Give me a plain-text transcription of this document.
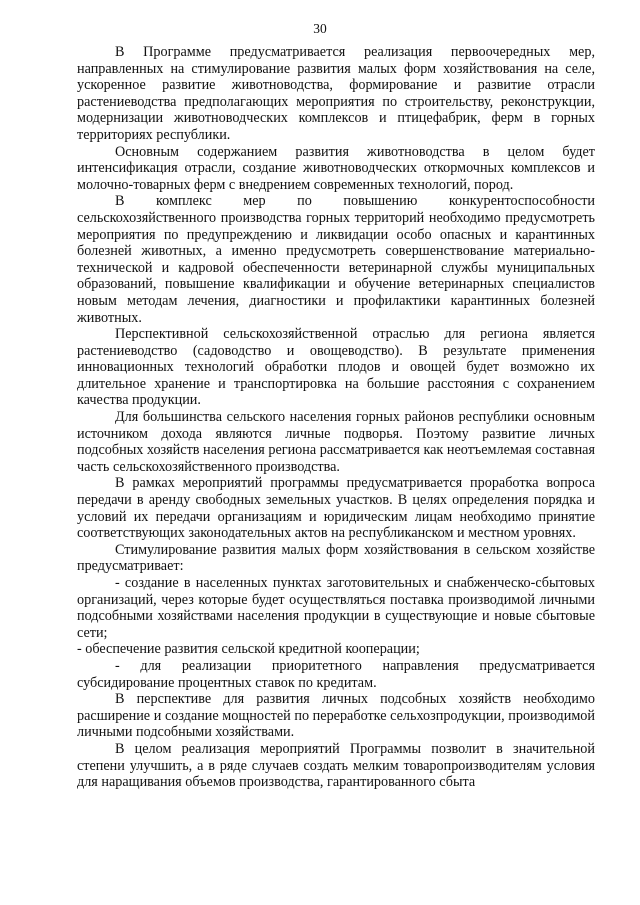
30

В Программе предусматривается реализация первоочередных мер, направленных на стимулирование развития малых форм хозяйствования на селе, ускоренное развитие животноводства, формирование и развитие отрасли растениеводства предполагающих мероприятия по строительству, реконструкции, модернизации животноводческих комплексов и птицефабрик, ферм в горных территориях республики.

Основным содержанием развития животноводства в целом будет интенсификация отрасли, создание животноводческих откормочных комплексов и молочно-товарных ферм с внедрением современных технологий, пород.

В комплекс мер по повышению конкурентоспособности сельскохозяйственного производства горных территорий необходимо предусмотреть мероприятия по предупреждению и ликвидации особо опасных и карантинных болезней животных, а именно предусмотреть совершенствование материально-технической и кадровой обеспеченности ветеринарной службы муниципальных образований, повышение квалификации и обучение ветеринарных специалистов новым методам лечения, диагностики и профилактики карантинных болезней животных.

Перспективной сельскохозяйственной отраслью для региона является растениеводство (садоводство и овощеводство). В результате применения инновационных технологий обработки плодов и овощей будет возможно их длительное хранение и транспортировка на большие расстояния с сохранением качества продукции.

Для большинства сельского населения горных районов республики основным источником дохода являются личные подворья. Поэтому развитие личных подсобных хозяйств населения региона рассматривается как неотъемлемая составная часть сельскохозяйственного производства.

В рамках мероприятий программы предусматривается проработка вопроса передачи в аренду свободных земельных участков. В целях определения порядка и условий их передачи организациям и юридическим лицам необходимо принятие соответствующих законодательных актов на республиканском и местном уровнях.

Стимулирование развития малых форм хозяйствования в сельском хозяйстве предусматривает:

- создание в населенных пунктах заготовительных и снабженческо-сбытовых организаций, через которые будет осуществляться поставка производимой личными подсобными хозяйствами населения продукции в существующие и новые сбытовые сети;

- обеспечение развития сельской кредитной кооперации;

- для реализации приоритетного направления предусматривается субсидирование процентных ставок по кредитам.

В перспективе для развития личных подсобных хозяйств необходимо расширение и создание мощностей по переработке сельхозпродукции, производимой личными подсобными хозяйствами.

В целом реализация мероприятий Программы позволит в значительной степени улучшить, а в ряде случаев создать мелким товаропроизводителям условия для наращивания объемов производства, гарантированного сбыта
